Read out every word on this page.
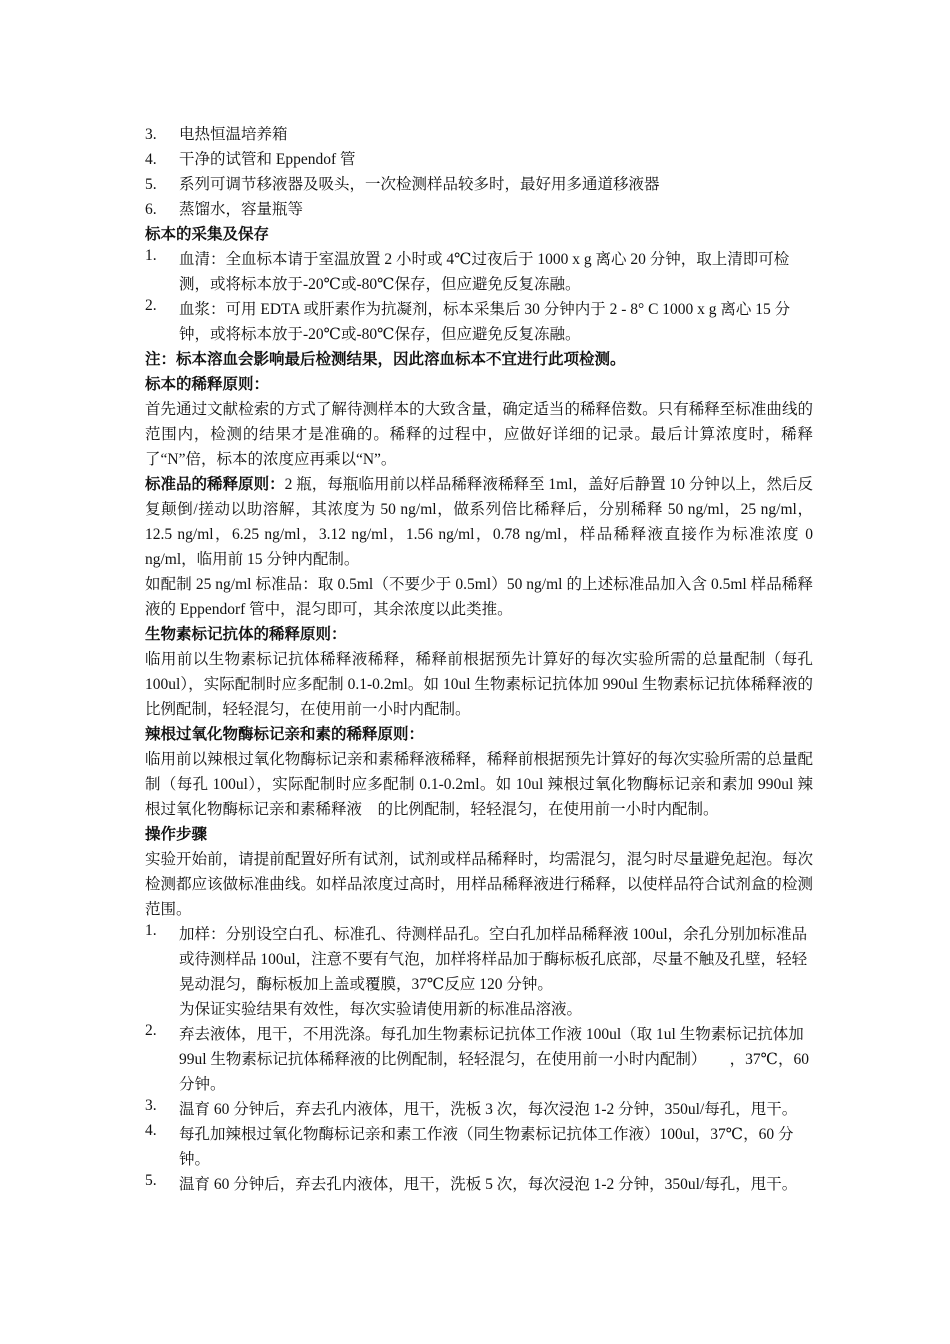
3. 电热恒温培养箱
4. 干净的试管和 Eppendof 管
5. 系列可调节移液器及吸头，一次检测样品较多时，最好用多通道移液器
6. 蒸馏水，容量瓶等
标本的采集及保存
1. 血清：全血标本请于室温放置 2 小时或 4℃过夜后于 1000 x g 离心 20 分钟，取上清即可检测，或将标本放于-20℃或-80℃保存，但应避免反复冻融。
2. 血浆：可用 EDTA 或肝素作为抗凝剂，标本采集后 30 分钟内于 2 - 8° C 1000 x g 离心 15 分钟，或将标本放于-20℃或-80℃保存，但应避免反复冻融。
注：标本溶血会影响最后检测结果，因此溶血标本不宜进行此项检测。
标本的稀释原则：
首先通过文献检索的方式了解待测样本的大致含量，确定适当的稀释倍数。只有稀释至标准曲线的范围内，检测的结果才是准确的。稀释的过程中，应做好详细的记录。最后计算浓度时，稀释了“N”倍，标本的浓度应再乘以“N”。
标准品的稀释原则：2 瓶，每瓶临用前以样品稀释液稀释至 1ml，盖好后静置 10 分钟以上，然后反复颠倒/搓动以助溶解，其浓度为 50 ng/ml，做系列倍比稀释后，分别稀释 50 ng/ml，25 ng/ml，12.5 ng/ml，6.25 ng/ml，3.12 ng/ml，1.56 ng/ml，0.78 ng/ml，样品稀释液直接作为标准浓度 0 ng/ml，临用前 15 分钟内配制。
如配制 25 ng/ml 标准品：取 0.5ml（不要少于 0.5ml）50 ng/ml 的上述标准品加入含 0.5ml 样品稀释液的 Eppendorf 管中，混匀即可，其余浓度以此类推。
生物素标记抗体的稀释原则：
临用前以生物素标记抗体稀释液稀释，稀释前根据预先计算好的每次实验所需的总量配制（每孔 100ul），实际配制时应多配制 0.1-0.2ml。如 10ul 生物素标记抗体加 990ul 生物素标记抗体稀释液的比例配制，轻轻混匀，在使用前一小时内配制。
辣根过氧化物酶标记亲和素的稀释原则：
临用前以辣根过氧化物酶标记亲和素稀释液稀释，稀释前根据预先计算好的每次实验所需的总量配制（每孔 100ul），实际配制时应多配制 0.1-0.2ml。如 10ul 辣根过氧化物酶标记亲和素加 990ul 辣根过氧化物酶标记亲和素稀释液　的比例配制，轻轻混匀，在使用前一小时内配制。
操作步骤
实验开始前，请提前配置好所有试剂，试剂或样品稀释时，均需混匀，混匀时尽量避免起泡。每次检测都应该做标准曲线。如样品浓度过高时，用样品稀释液进行稀释，以使样品符合试剂盒的检测范围。
1. 加样：分别设空白孔、标准孔、待测样品孔。空白孔加样品稀释液 100ul，余孔分别加标准品或待测样品 100ul，注意不要有气泡，加样将样品加于酶标板孔底部，尽量不触及孔壁，轻轻晃动混匀，酶标板加上盖或覆膜，37℃反应 120 分钟。
为保证实验结果有效性，每次实验请使用新的标准品溶液。
2. 弃去液体，甩干，不用洗涤。每孔加生物素标记抗体工作液 100ul（取 1ul 生物素标记抗体加 99ul 生物素标记抗体稀释液的比例配制，轻轻混匀，在使用前一小时内配制）　　，37℃，60 分钟。
3. 温育 60 分钟后，弃去孔内液体，甩干，洗板 3 次，每次浸泡 1-2 分钟，350ul/每孔，甩干。
4. 每孔加辣根过氧化物酶标记亲和素工作液（同生物素标记抗体工作液）100ul，37℃，60 分钟。
5. 温育 60 分钟后，弃去孔内液体，甩干，洗板 5 次，每次浸泡 1-2 分钟，350ul/每孔，甩干。
